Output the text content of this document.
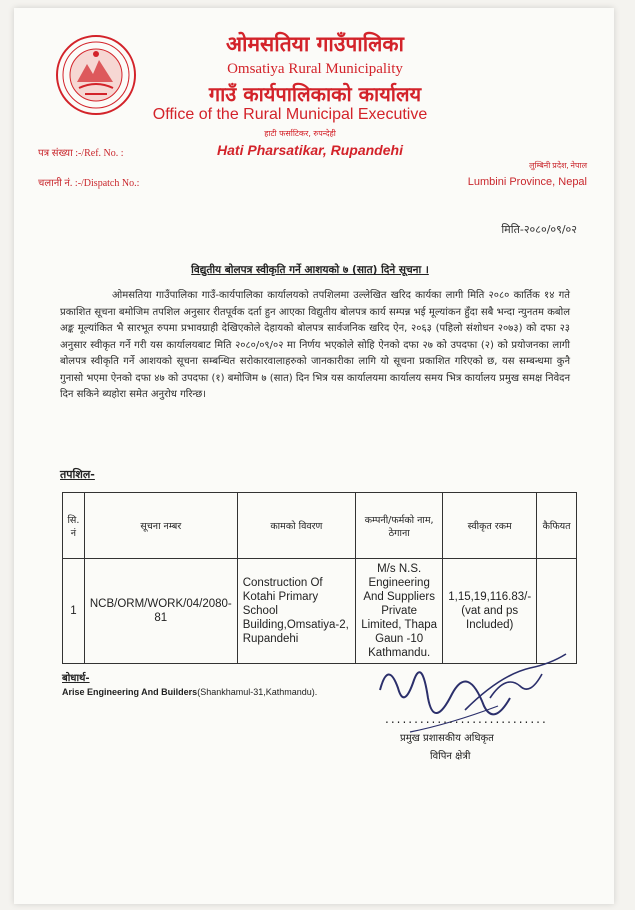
ओमसतिया गाउँपालिका
Omsatiya Rural Municipality
गाउँ कार्यपालिकाको कार्यालय
Office of the Rural Municipal Executive
हाटी फर्साटिकर, रुपन्देही
Hati Pharsatikar, Rupandehi
पत्र संख्या :-/Ref. No. :
चलानी नं. :-/Dispatch No.:
लुम्बिनी प्रदेश, नेपाल
Lumbini Province, Nepal
मिति-२०८०/०९/०२
विद्युतीय बोलपत्र स्वीकृति गर्ने आशयको ७ (सात) दिने सूचना ।
ओमसतिया गाउँपालिका गाउँ-कार्यपालिका कार्यालयको तपशिलमा उल्लेखित खरिद कार्यका लागी मिति २०८० कार्तिक १४ गते प्रकाशित सूचना बमोजिम तपशिल अनुसार रीतपूर्वक दर्ता हुन आएका विद्युतीय बोलपत्र कार्य सम्पन्न भई मूल्यांकन हुँदा सबै भन्दा न्युनतम कबोल अङ्क मूल्यांकित भै सारभूत रुपमा प्रभावग्राही देखिएकोले देहायको बोलपत्र सार्वजनिक खरिद ऐन, २०६३ (पहिलो संशोधन २०७३) को दफा २३ अनुसार स्वीकृत गर्ने गरी यस कार्यालयबाट मिति २०८०/०९/०२ मा निर्णय भएकोले सोहि ऐनको दफा २७ को उपदफा (२) को प्रयोजनका लागी बोलपत्र स्वीकृति गर्ने आशयको सूचना सम्बन्धित सरोकारवालाहरुको जानकारीका लागि यो सूचना प्रकाशित गरिएको छ, यस सम्बन्धमा कुनै गुनासो भएमा ऐनको दफा ४७ को उपदफा (१) बमोजिम ७ (सात) दिन भित्र यस कार्यालयमा कार्यालय समय भित्र कार्यालय प्रमुख समक्ष निवेदन दिन सकिने ब्यहोरा समेत अनुरोध गरिन्छ।
तपशिल-
सि. नं	सूचना नम्बर	कामको विवरण	कम्पनी/फर्मको नाम, ठेगाना	स्वीकृत रकम	कैफियत
1	NCB/ORM/WORK/04/2080-81	Construction Of Kotahi Primary School Building,Omsatiya-2, Rupandehi	M/s N.S. Engineering And Suppliers Private Limited, Thapa Gaun -10 Kathmandu.	1,15,19,116.83/- (vat and ps Included)	
बोधार्थ-
Arise Engineering And Builders(Shankhamul-31,Kathmandu).
............................
प्रमुख प्रशासकीय अधिकृत
विपिन क्षेत्री
